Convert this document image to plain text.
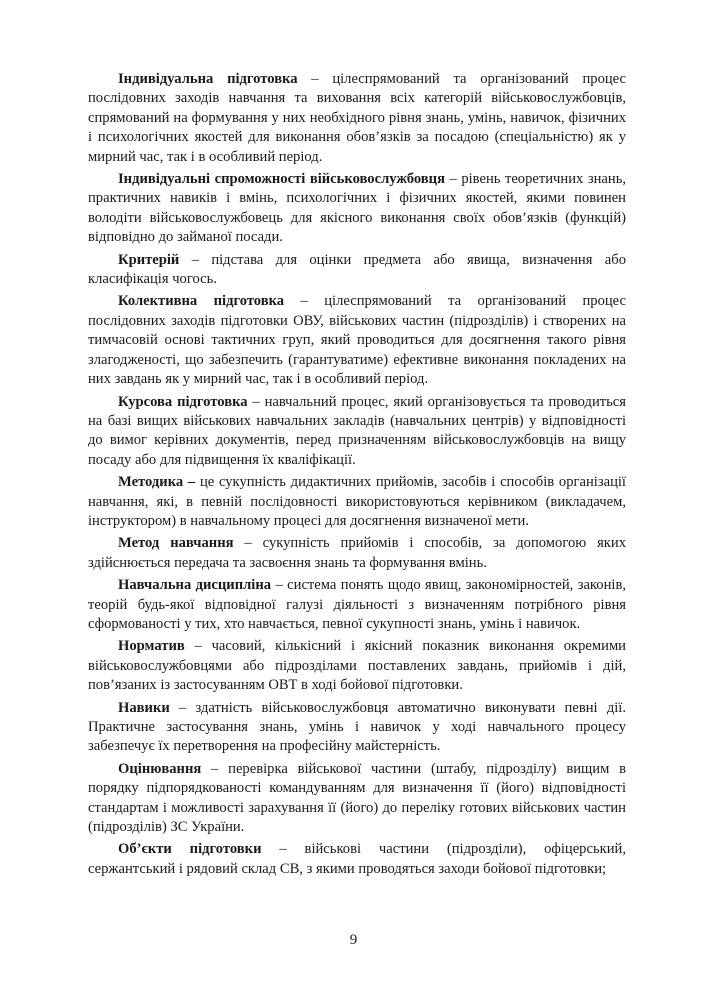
Індивідуальна підготовка – цілеспрямований та організований процес послідовних заходів навчання та виховання всіх категорій військовослужбовців, спрямований на формування у них необхідного рівня знань, умінь, навичок, фізичних і психологічних якостей для виконання обов’язків за посадою (спеціальністю) як у мирний час, так і в особливий період.

Індивідуальні спроможності військовослужбовця – рівень теоретичних знань, практичних навиків і вмінь, психологічних і фізичних якостей, якими повинен володіти військовослужбовець для якісного виконання своїх обов’язків (функцій) відповідно до займаної посади.

Критерій – підстава для оцінки предмета або явища, визначення або класифікація чогось.

Колективна підготовка – цілеспрямований та організований процес послідовних заходів підготовки ОВУ, військових частин (підрозділів) і створених на тимчасовій основі тактичних груп, який проводиться для досягнення такого рівня злагодженості, що забезпечить (гарантуватиме) ефективне виконання покладених на них завдань як у мирний час, так і в особливий період.

Курсова підготовка – навчальний процес, який організовується та проводиться на базі вищих військових навчальних закладів (навчальних центрів) у відповідності до вимог керівних документів, перед призначенням військовослужбовців на вищу посаду або для підвищення їх кваліфікації.

Методика – це сукупність дидактичних прийомів, засобів і способів організації навчання, які, в певній послідовності використовуються керівником (викладачем, інструктором) в навчальному процесі для досягнення визначеної мети.

Метод навчання – сукупність прийомів і способів, за допомогою яких здійснюється передача та засвоєння знань та формування вмінь.

Навчальна дисципліна – система понять щодо явищ, закономірностей, законів, теорій будь-якої відповідної галузі діяльності з визначенням потрібного рівня сформованості у тих, хто навчається, певної сукупності знань, умінь і навичок.

Норматив – часовий, кількісний і якісний показник виконання окремими військовослужбовцями або підрозділами поставлених завдань, прийомів і дій, пов’язаних із застосуванням ОВТ в ході бойової підготовки.

Навики – здатність військовослужбовця автоматично виконувати певні дії. Практичне застосування знань, умінь і навичок у ході навчального процесу забезпечує їх перетворення на професійну майстерність.

Оцінювання – перевірка військової частини (штабу, підрозділу) вищим в порядку підпорядкованості командуванням для визначення її (його) відповідності стандартам і можливості зарахування її (його) до переліку готових військових частин (підрозділів) ЗС України.

Об’єкти підготовки – військові частини (підрозділи), офіцерський, сержантський і рядовий склад СВ, з якими проводяться заходи бойової підготовки;

9
